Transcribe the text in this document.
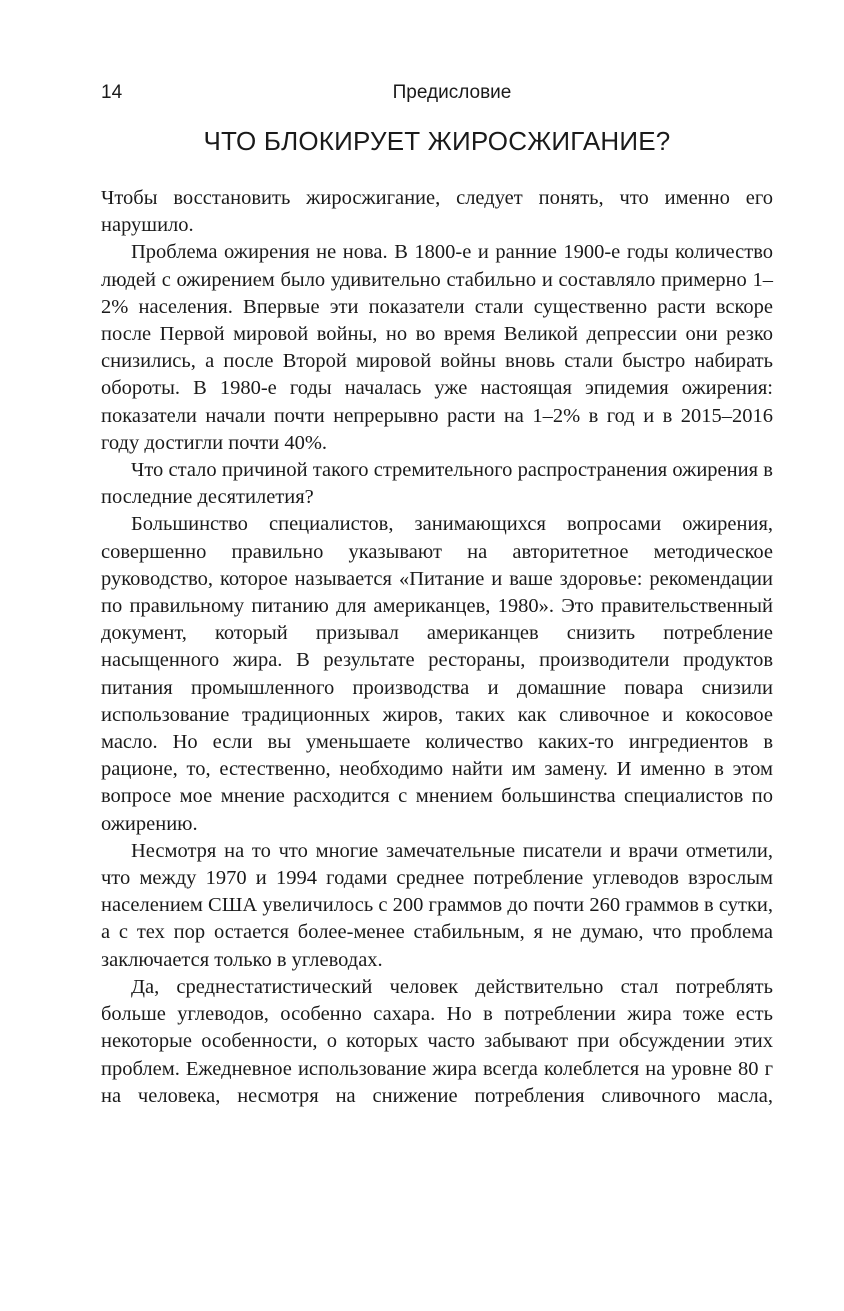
14	Предисловие
ЧТО БЛОКИРУЕТ ЖИРОСЖИГАНИЕ?

Чтобы восстановить жиросжигание, следует понять, что именно его нарушило.

Проблема ожирения не нова. В 1800-е и ранние 1900-е годы количество людей с ожирением было удивительно стабильно и составляло примерно 1–2% населения. Впервые эти показатели стали существенно расти вскоре после Первой мировой войны, но во время Великой депрессии они резко снизились, а после Второй мировой войны вновь стали быстро набирать обороты. В 1980-е годы началась уже настоящая эпидемия ожирения: показатели начали почти непрерывно расти на 1–2% в год и в 2015–2016 году достигли почти 40%.

Что стало причиной такого стремительного распространения ожирения в последние десятилетия?

Большинство специалистов, занимающихся вопросами ожирения, совершенно правильно указывают на авторитетное методическое руководство, которое называется «Питание и ваше здоровье: рекомендации по правильному питанию для американцев, 1980». Это правительственный документ, который призывал американцев снизить потребление насыщенного жира. В результате рестораны, производители продуктов питания промышленного производства и домашние повара снизили использование традиционных жиров, таких как сливочное и кокосовое масло. Но если вы уменьшаете количество каких-то ингредиентов в рационе, то, естественно, необходимо найти им замену. И именно в этом вопросе мое мнение расходится с мнением большинства специалистов по ожирению.

Несмотря на то что многие замечательные писатели и врачи отметили, что между 1970 и 1994 годами среднее потребление углеводов взрослым населением США увеличилось с 200 граммов до почти 260 граммов в сутки, а с тех пор остается более-менее стабильным, я не думаю, что проблема заключается только в углеводах.

Да, среднестатистический человек действительно стал потреблять больше углеводов, особенно сахара. Но в потреблении жира тоже есть некоторые особенности, о которых часто забывают при обсуждении этих проблем. Ежедневное использование жира всегда колеблется на уровне 80 г на человека, несмотря на снижение потребления сливочного масла,
